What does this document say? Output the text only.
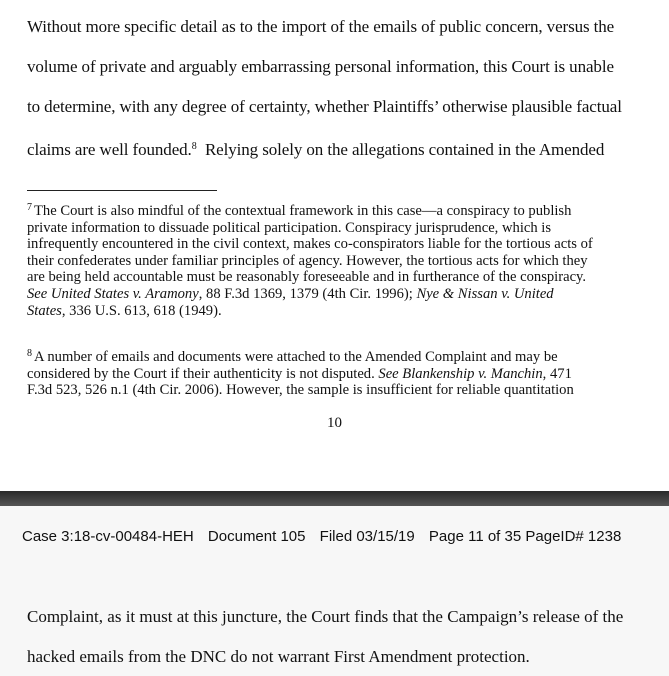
Without more specific detail as to the import of the emails of public concern, versus the
volume of private and arguably embarrassing personal information, this Court is unable
to determine, with any degree of certainty, whether Plaintiffs’ otherwise plausible factual
claims are well founded.$^8$ Relying solely on the allegations contained in the Amended
$^7$ The Court is also mindful of the contextual framework in this case—a conspiracy to publish
private information to dissuade political participation. Conspiracy jurisprudence, which is
infrequently encountered in the civil context, makes co-conspirators liable for the tortious acts of
their confederates under familiar principles of agency. However, the tortious acts for which they
are being held accountable must be reasonably foreseeable and in furtherance of the conspiracy.
See United States v. Aramony, 88 F.3d 1369, 1379 (4th Cir. 1996); Nye & Nissan v. United
States, 336 U.S. 613, 618 (1949).
$^8$ A number of emails and documents were attached to the Amended Complaint and may be
considered by the Court if their authenticity is not disputed. See Blankenship v. Manchin, 471
F.3d 523, 526 n.1 (4th Cir. 2006). However, the sample is insufficient for reliable quantitation
10
Case 3:18-cv-00484-HEH Document 105 Filed 03/15/19 Page 11 of 35 PageID# 1238
Complaint, as it must at this juncture, the Court finds that the Campaign’s release of the
hacked emails from the DNC do not warrant First Amendment protection.
